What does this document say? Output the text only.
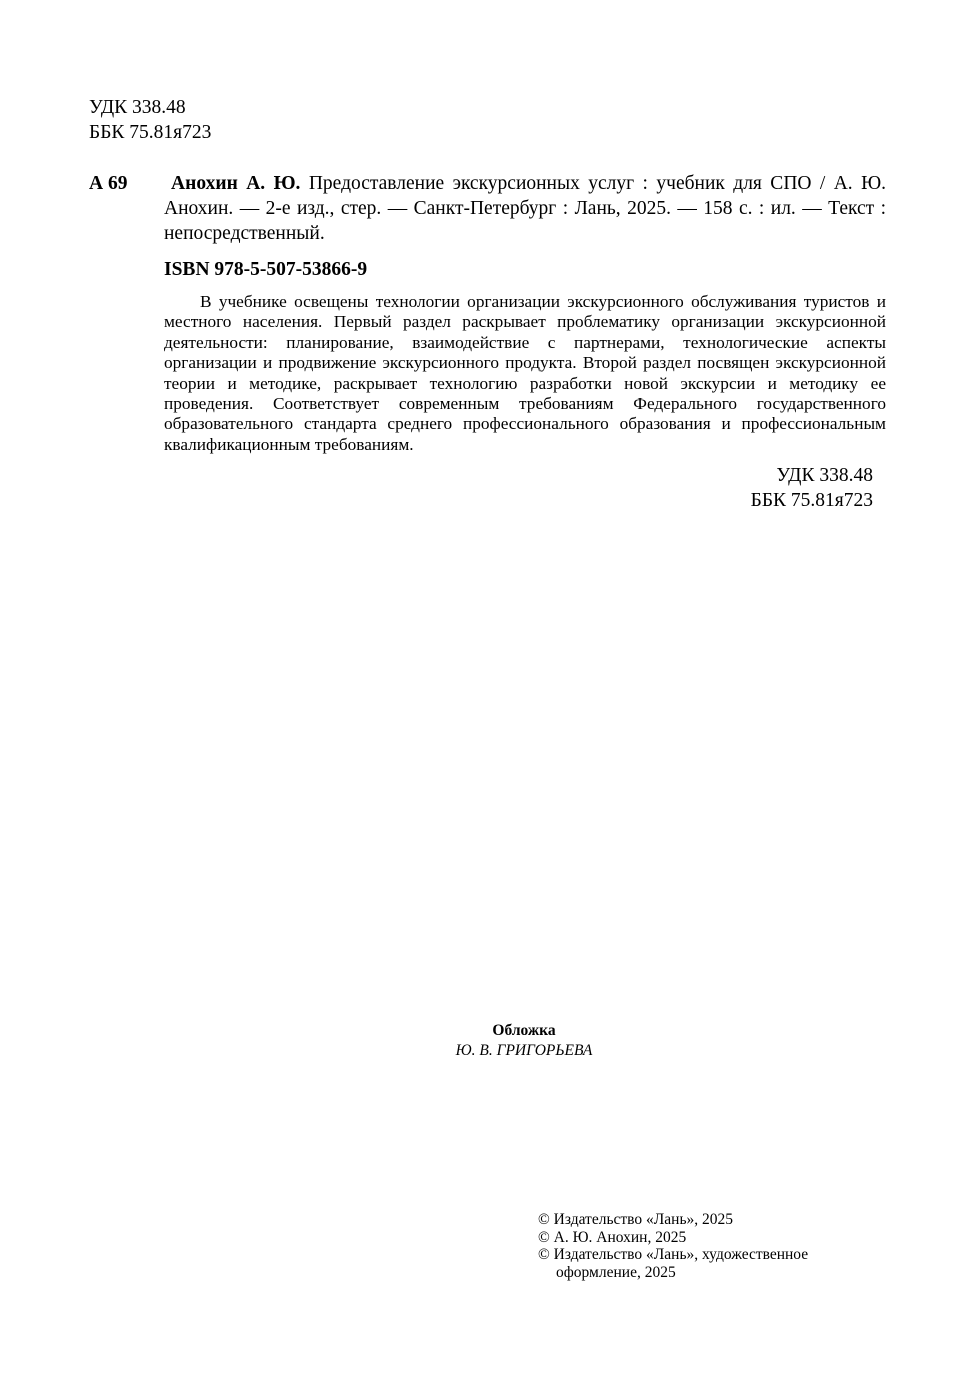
УДК 338.48
ББК 75.81я723
А 69	Анохин А. Ю. Предоставление экскурсионных услуг : учебник для СПО / А. Ю. Анохин. — 2-е изд., стер. — Санкт-Петербург : Лань, 2025. — 158 с. : ил. — Текст : непосредственный.
ISBN 978-5-507-53866-9
В учебнике освещены технологии организации экскурсионного обслуживания туристов и местного населения. Первый раздел раскрывает проблематику организации экскурсионной деятельности: планирование, взаимодействие с партнерами, технологические аспекты организации и продвижение экскурсионного продукта. Второй раздел посвящен экскурсионной теории и методике, раскрывает технологию разработки новой экскурсии и методику ее проведения. Соответствует современным требованиям Федерального государственного образовательного стандарта среднего профессионального образования и профессиональным квалификационным требованиям.
УДК 338.48
ББК 75.81я723
Обложка
Ю. В. ГРИГОРЬЕВА
© Издательство «Лань», 2025
© А. Ю. Анохин, 2025
© Издательство «Лань», художественное
оформление, 2025
